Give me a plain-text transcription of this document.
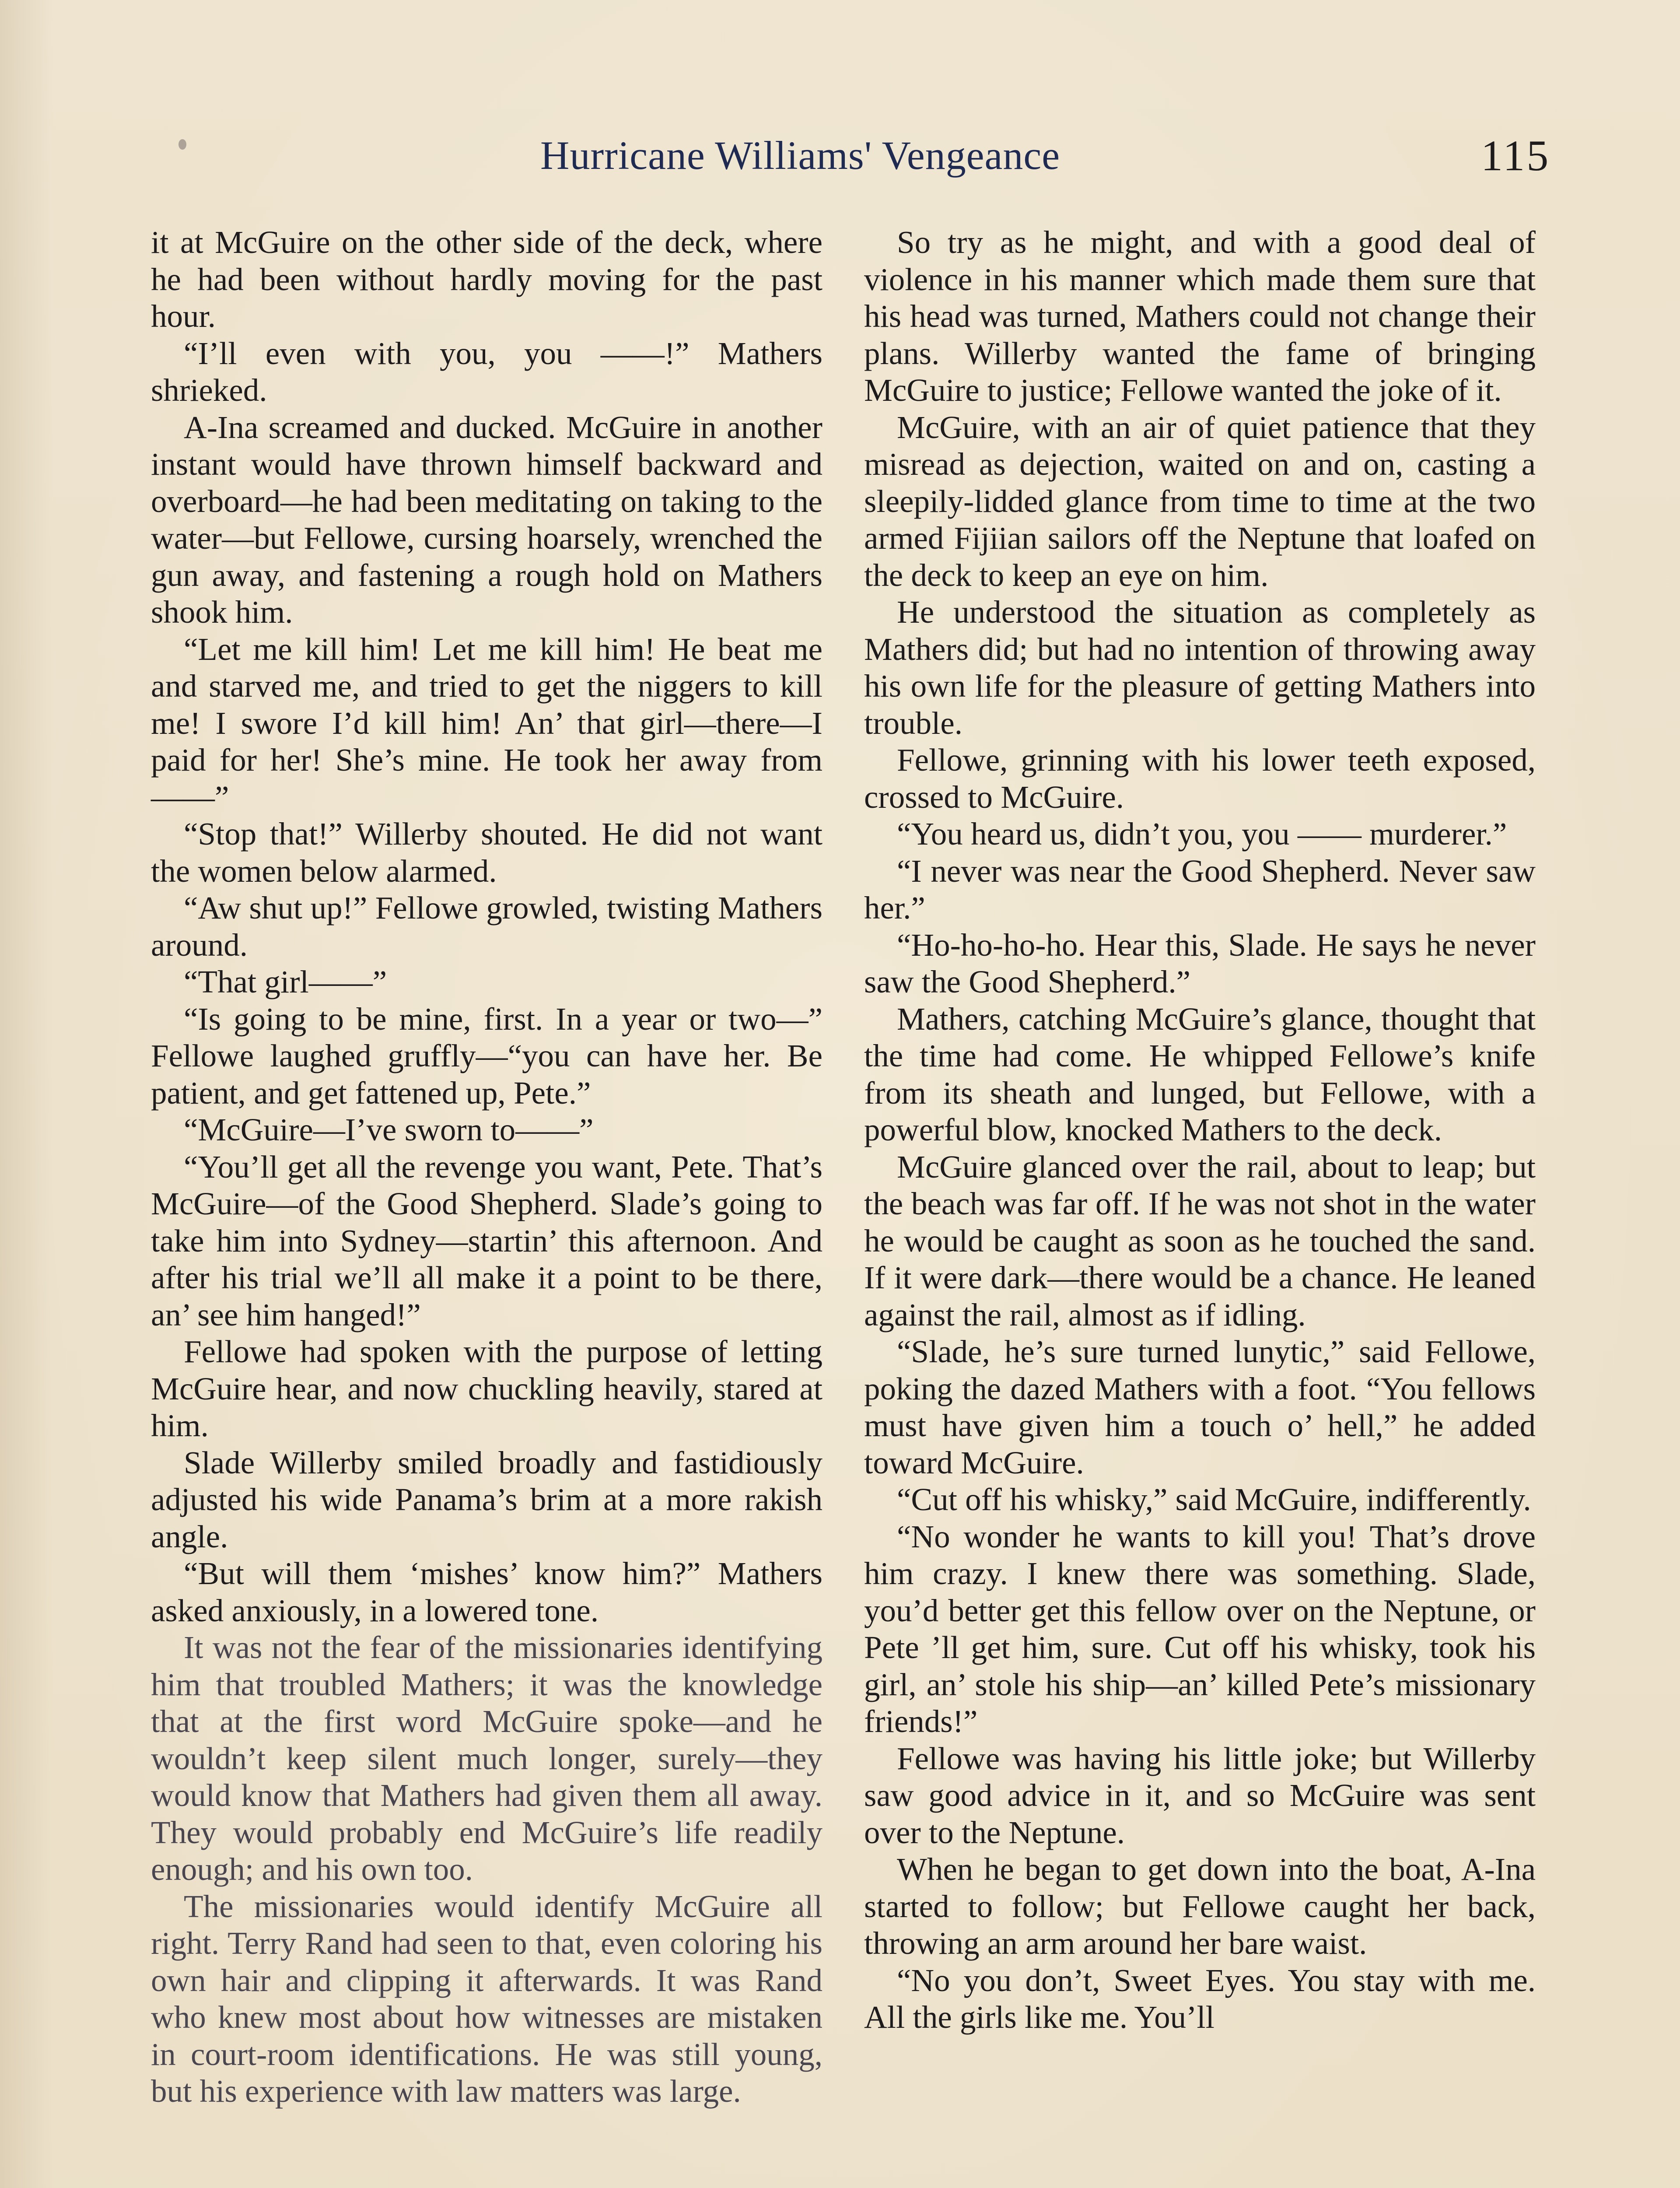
Hurricane Williams' Vengeance	115

it at McGuire on the other side of the deck, where he had been without hardly moving for the past hour.

“I’ll even with you, you ——!” Mathers shrieked.

A-Ina screamed and ducked. McGuire in another instant would have thrown himself backward and overboard—he had been meditating on taking to the water—but Fellowe, cursing hoarsely, wrenched the gun away, and fastening a rough hold on Mathers shook him.

“Let me kill him! Let me kill him! He beat me and starved me, and tried to get the niggers to kill me! I swore I’d kill him! An’ that girl—there—I paid for her! She’s mine. He took her away from——”

“Stop that!” Willerby shouted. He did not want the women below alarmed.

“Aw shut up!” Fellowe growled, twisting Mathers around.

“That girl——”

“Is going to be mine, first. In a year or two—” Fellowe laughed gruffly—“you can have her. Be patient, and get fattened up, Pete.”

“McGuire—I’ve sworn to——”

“You’ll get all the revenge you want, Pete. That’s McGuire—of the Good Shepherd. Slade’s going to take him into Sydney—startin’ this afternoon. And after his trial we’ll all make it a point to be there, an’ see him hanged!”

Fellowe had spoken with the purpose of letting McGuire hear, and now chuckling heavily, stared at him.

Slade Willerby smiled broadly and fastidiously adjusted his wide Panama’s brim at a more rakish angle.

“But will them ‘mishes’ know him?” Mathers asked anxiously, in a lowered tone.

It was not the fear of the missionaries identifying him that troubled Mathers; it was the knowledge that at the first word McGuire spoke—and he wouldn’t keep silent much longer, surely—they would know that Mathers had given them all away. They would probably end McGuire’s life readily enough; and his own too.

The missionaries would identify McGuire all right. Terry Rand had seen to that, even coloring his own hair and clipping it afterwards. It was Rand who knew most about how witnesses are mistaken in court-room identifications. He was still young, but his experience with law matters was large.

So try as he might, and with a good deal of violence in his manner which made them sure that his head was turned, Mathers could not change their plans. Willerby wanted the fame of bringing McGuire to justice; Fellowe wanted the joke of it.

McGuire, with an air of quiet patience that they misread as dejection, waited on and on, casting a sleepily-lidded glance from time to time at the two armed Fijiian sailors off the Neptune that loafed on the deck to keep an eye on him.

He understood the situation as completely as Mathers did; but had no intention of throwing away his own life for the pleasure of getting Mathers into trouble.

Fellowe, grinning with his lower teeth exposed, crossed to McGuire.

“You heard us, didn’t you, you —— murderer.”

“I never was near the Good Shepherd. Never saw her.”

“Ho-ho-ho-ho. Hear this, Slade. He says he never saw the Good Shepherd.”

Mathers, catching McGuire’s glance, thought that the time had come. He whipped Fellowe’s knife from its sheath and lunged, but Fellowe, with a powerful blow, knocked Mathers to the deck.

McGuire glanced over the rail, about to leap; but the beach was far off. If he was not shot in the water he would be caught as soon as he touched the sand. If it were dark—there would be a chance. He leaned against the rail, almost as if idling.

“Slade, he’s sure turned lunytic,” said Fellowe, poking the dazed Mathers with a foot. “You fellows must have given him a touch o’ hell,” he added toward McGuire.

“Cut off his whisky,” said McGuire, indifferently.

“No wonder he wants to kill you! That’s drove him crazy. I knew there was something. Slade, you’d better get this fellow over on the Neptune, or Pete ’ll get him, sure. Cut off his whisky, took his girl, an’ stole his ship—an’ killed Pete’s missionary friends!”

Fellowe was having his little joke; but Willerby saw good advice in it, and so McGuire was sent over to the Neptune.

When he began to get down into the boat, A-Ina started to follow; but Fellowe caught her back, throwing an arm around her bare waist.

“No you don’t, Sweet Eyes. You stay with me. All the girls like me. You’ll
